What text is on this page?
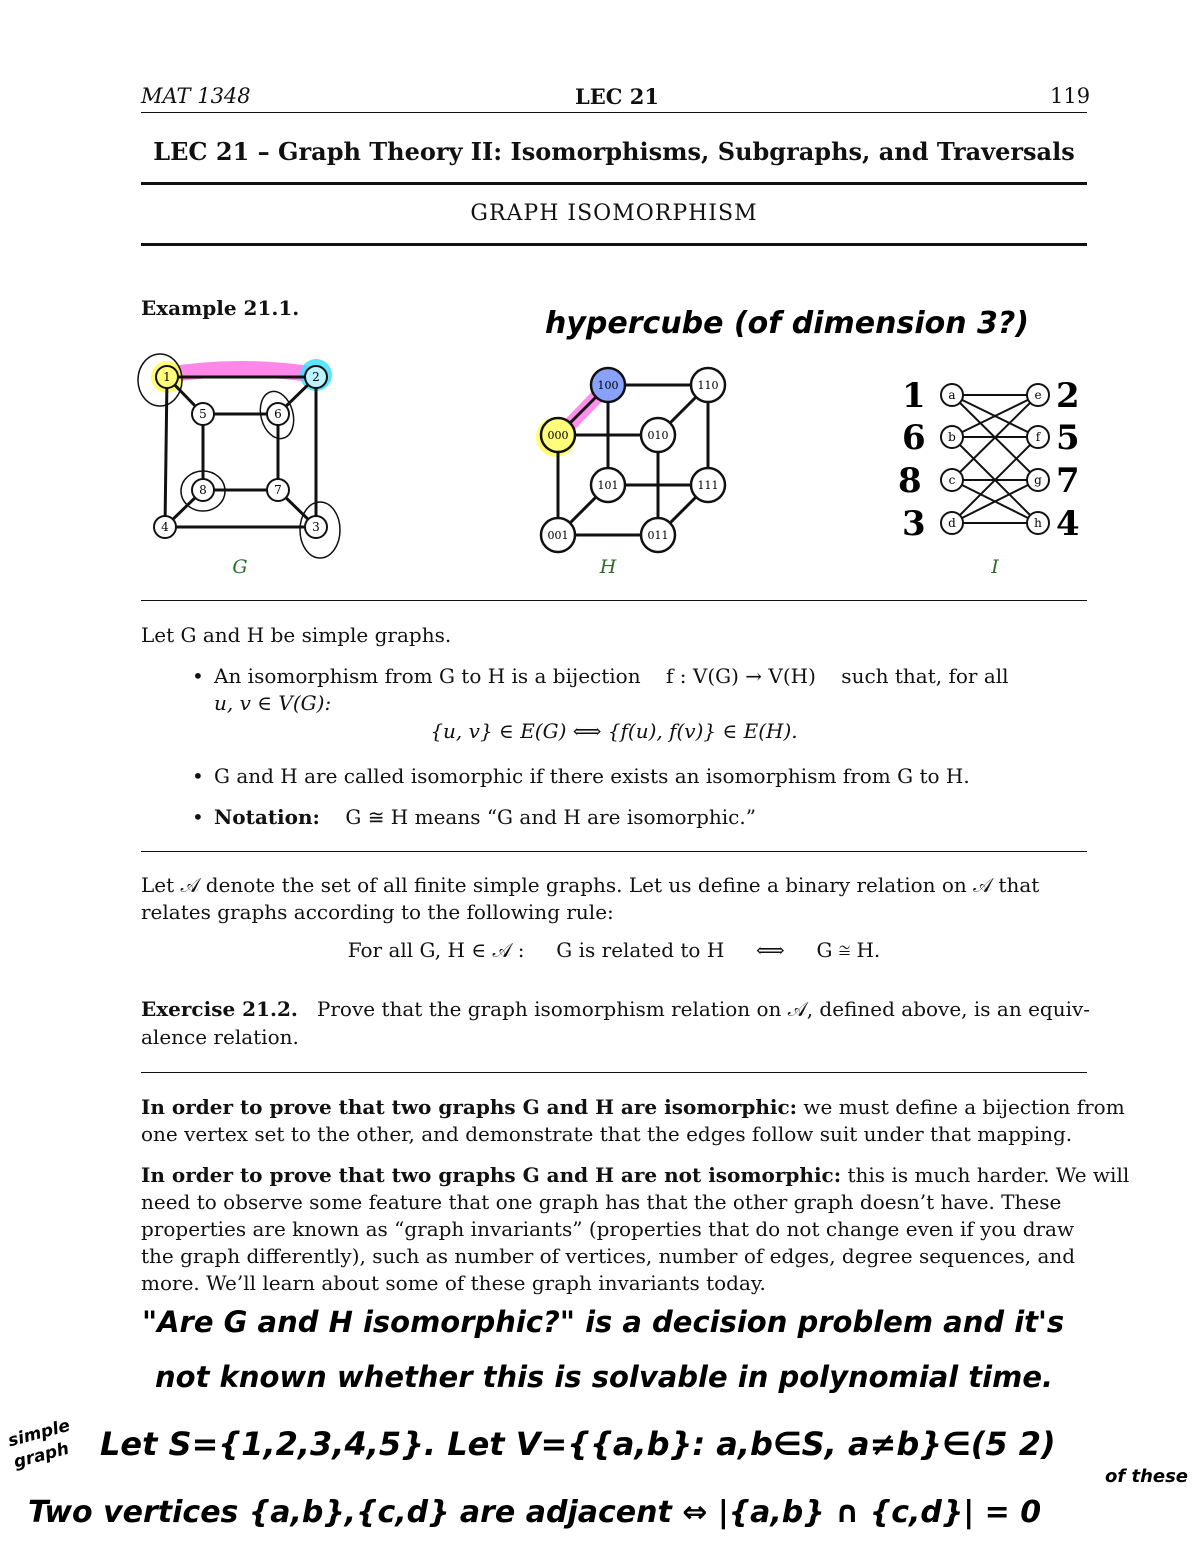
MAT 1348	LEC 21	119
LEC 21 – Graph Theory II: Isomorphisms, Subgraphs, and Traversals
GRAPH ISOMORPHISM
Example 21.1.	hypercube (of dimension 3?)
1	2
3
4
5	6
7
8
G
000
001
010
011
100
101
110
111
H
a
b
c
d
e
f
g
h
1
6
8
3
2
5
7
4
I
Let G and H be simple graphs.
• An isomorphism from G to H is a bijection    f : V(G) → V(H)    such that, for all
u, v ∈ V(G):
{u, v} ∈ E(G) ⟺ {f(u), f(v)} ∈ E(H).
• G and H are called isomorphic if there exists an isomorphism from G to H.
• Notation: G ≅ H means “G and H are isomorphic.”
Let 𝒜 denote the set of all finite simple graphs. Let us define a binary relation on 𝒜 that
relates graphs according to the following rule:
For all G, H ∈ 𝒜 :     G is related to H     ⟺     G ≅ H.
Exercise 21.2. Prove that the graph isomorphism relation on 𝒜, defined above, is an equiv-
alence relation.
In order to prove that two graphs G and H are isomorphic: we must define a bijection from
one vertex set to the other, and demonstrate that the edges follow suit under that mapping.
In order to prove that two graphs G and H are not isomorphic: this is much harder. We will
need to observe some feature that one graph has that the other graph doesn’t have. These
properties are known as “graph invariants” (properties that do not change even if you draw
the graph differently), such as number of vertices, number of edges, degree sequences, and
more. We’ll learn about some of these graph invariants today.
"Are G and H isomorphic?" is a decision problem and it's
not known whether this is solvable in polynomial time.
simple graph Let S={1,2,3,4,5}. Let V={{a,b}: a,b∈S, a≠b}∈(5 2)
of these
Two vertices {a,b},{c,d} are adjacent ⇔ |{a,b} ∩ {c,d}| = 0
